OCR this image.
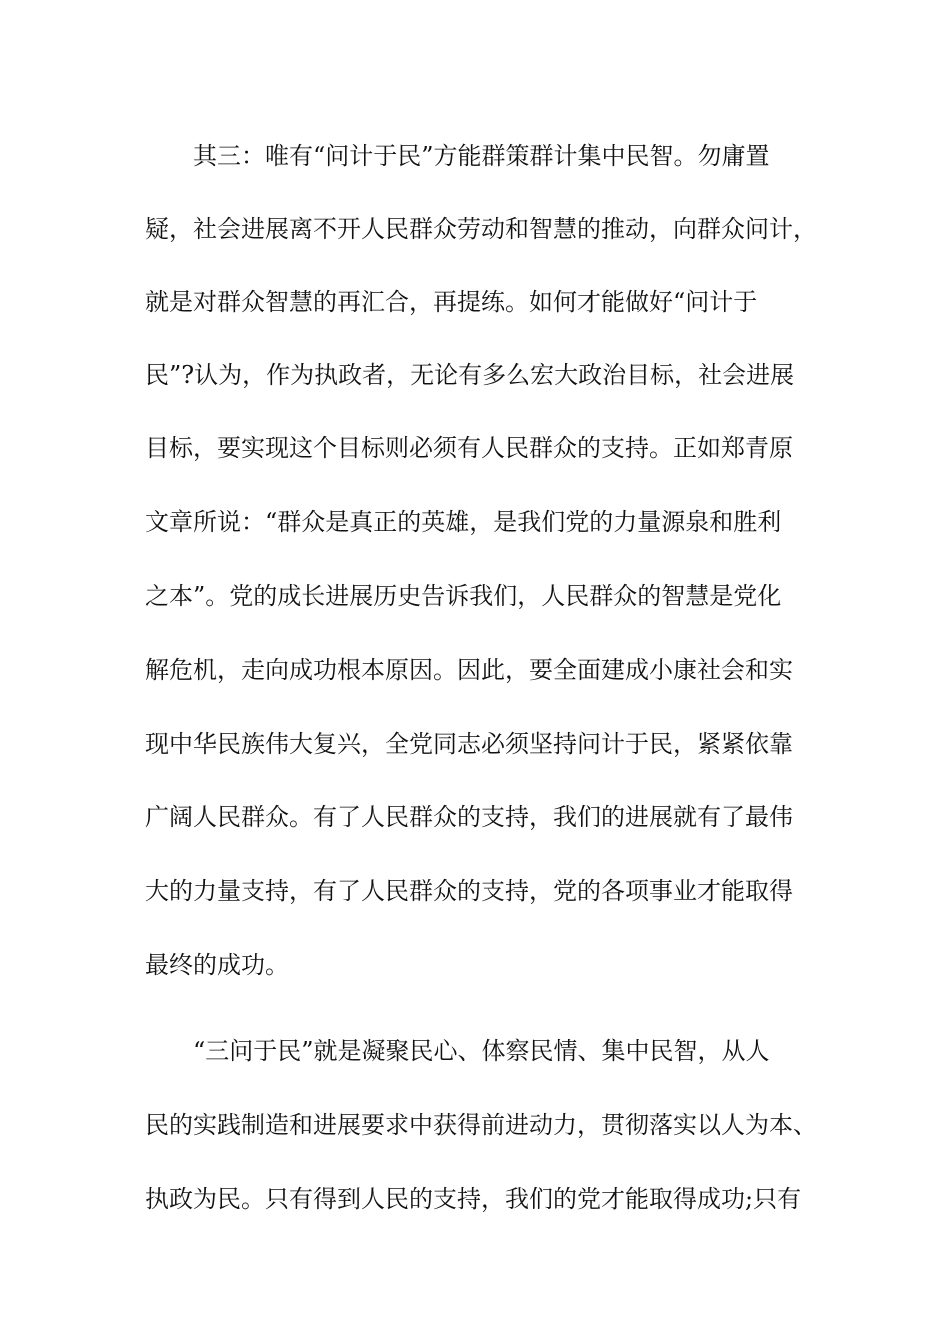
其三：唯有“问计于民”方能群策群计集中民智。勿庸置

疑，社会进展离不开人民群众劳动和智慧的推动，向群众问计，

就是对群众智慧的再汇合，再提练。如何才能做好“问计于

民”?认为，作为执政者，无论有多么宏大政治目标，社会进展

目标，要实现这个目标则必须有人民群众的支持。正如郑青原

文章所说：“群众是真正的英雄，是我们党的力量源泉和胜利

之本”。党的成长进展历史告诉我们，人民群众的智慧是党化

解危机，走向成功根本原因。因此，要全面建成小康社会和实

现中华民族伟大复兴，全党同志必须坚持问计于民，紧紧依靠

广阔人民群众。有了人民群众的支持，我们的进展就有了最伟

大的力量支持，有了人民群众的支持，党的各项事业才能取得

最终的成功。

“三问于民”就是凝聚民心、体察民情、集中民智，从人

民的实践制造和进展要求中获得前进动力，贯彻落实以人为本、

执政为民。只有得到人民的支持，我们的党才能取得成功;只有
